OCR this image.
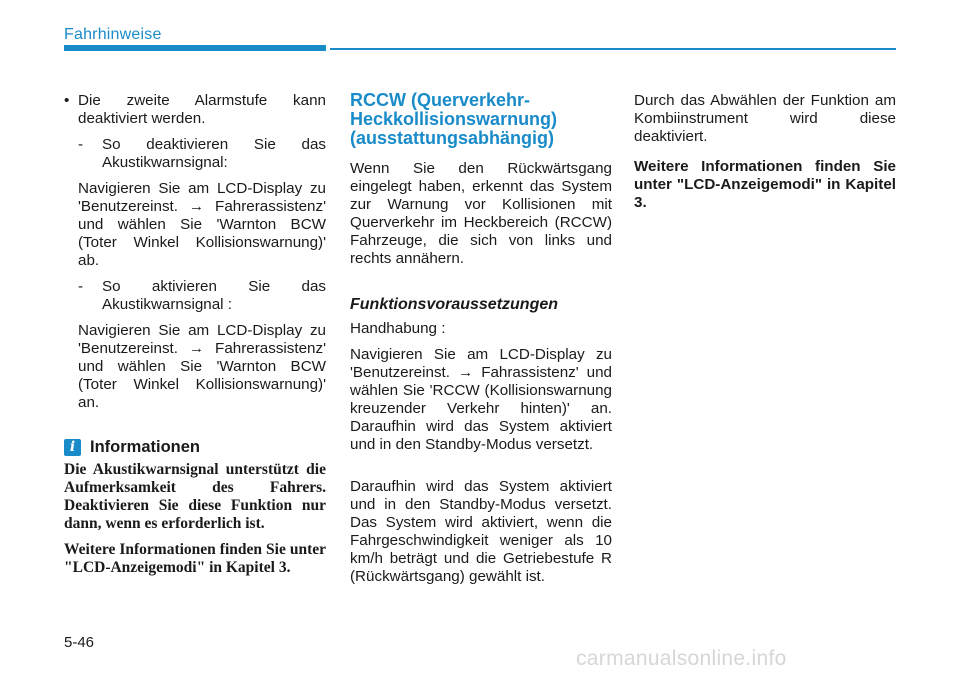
Fahrhinweise

• Die zweite Alarmstufe kann deaktiviert werden.

- So deaktivieren Sie das Akustikwarnsignal:

Navigieren Sie am LCD-Display zu 'Benutzereinst. → Fahrerassistenz' und wählen Sie 'Warnton BCW (Toter Winkel Kollisionswarnung)' ab.

- So aktivieren Sie das Akustikwarnsignal :

Navigieren Sie am LCD-Display zu 'Benutzereinst. → Fahrerassistenz' und wählen Sie 'Warnton BCW (Toter Winkel Kollisionswarnung)' an.

i Informationen

Die Akustikwarnsignal unterstützt die Aufmerksamkeit des Fahrers. Deaktivieren Sie diese Funktion nur dann, wenn es erforderlich ist.

Weitere Informationen finden Sie unter "LCD-Anzeigemodi" in Kapitel 3.

RCCW (Querverkehr-Heckkollisionswarnung) (ausstattungsabhängig)

Wenn Sie den Rückwärtsgang eingelegt haben, erkennt das System zur Warnung vor Kollisionen mit Querverkehr im Heckbereich (RCCW) Fahrzeuge, die sich von links und rechts annähern.

Funktionsvoraussetzungen

Handhabung :

Navigieren Sie am LCD-Display zu 'Benutzereinst. → Fahrassistenz' und wählen Sie 'RCCW (Kollisionswarnung kreuzender Verkehr hinten)' an. Daraufhin wird das System aktiviert und in den Standby-Modus versetzt.

Daraufhin wird das System aktiviert und in den Standby-Modus versetzt. Das System wird aktiviert, wenn die Fahrgeschwindigkeit weniger als 10 km/h beträgt und die Getriebestufe R (Rückwärtsgang) gewählt ist.

Durch das Abwählen der Funktion am Kombiinstrument wird diese deaktiviert.

Weitere Informationen finden Sie unter "LCD-Anzeigemodi" in Kapitel 3.

5-46
carmanualsonline.info
